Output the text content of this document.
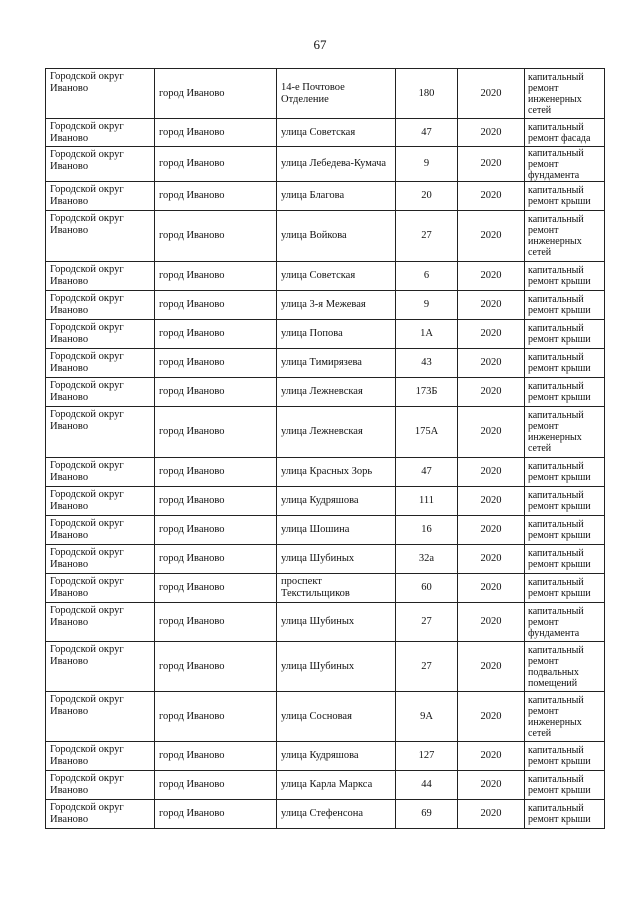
67
Городской округ Иваново	город Иваново	14-е Почтовое Отделение	180	2020	капитальный ремонт инженерных сетей
Городской округ Иваново	город Иваново	улица Советская	47	2020	капитальный ремонт фасада
Городской округ Иваново	город Иваново	улица Лебедева-Кумача	9	2020	капитальный ремонт фундамента
Городской округ Иваново	город Иваново	улица Благова	20	2020	капитальный ремонт крыши
Городской округ Иваново	город Иваново	улица Войкова	27	2020	капитальный ремонт инженерных сетей
Городской округ Иваново	город Иваново	улица Советская	6	2020	капитальный ремонт крыши
Городской округ Иваново	город Иваново	улица 3-я Межевая	9	2020	капитальный ремонт крыши
Городской округ Иваново	город Иваново	улица Попова	1А	2020	капитальный ремонт крыши
Городской округ Иваново	город Иваново	улица Тимирязева	43	2020	капитальный ремонт крыши
Городской округ Иваново	город Иваново	улица Лежневская	173Б	2020	капитальный ремонт крыши
Городской округ Иваново	город Иваново	улица Лежневская	175А	2020	капитальный ремонт инженерных сетей
Городской округ Иваново	город Иваново	улица Красных Зорь	47	2020	капитальный ремонт крыши
Городской округ Иваново	город Иваново	улица Кудряшова	111	2020	капитальный ремонт крыши
Городской округ Иваново	город Иваново	улица Шошина	16	2020	капитальный ремонт крыши
Городской округ Иваново	город Иваново	улица Шубиных	32а	2020	капитальный ремонт крыши
Городской округ Иваново	город Иваново	проспект Текстильщиков	60	2020	капитальный ремонт крыши
Городской округ Иваново	город Иваново	улица Шубиных	27	2020	капитальный ремонт фундамента
Городской округ Иваново	город Иваново	улица Шубиных	27	2020	капитальный ремонт подвальных помещений
Городской округ Иваново	город Иваново	улица Сосновая	9А	2020	капитальный ремонт инженерных сетей
Городской округ Иваново	город Иваново	улица Кудряшова	127	2020	капитальный ремонт крыши
Городской округ Иваново	город Иваново	улица Карла Маркса	44	2020	капитальный ремонт крыши
Городской округ Иваново	город Иваново	улица Стефенсона	69	2020	капитальный ремонт крыши
